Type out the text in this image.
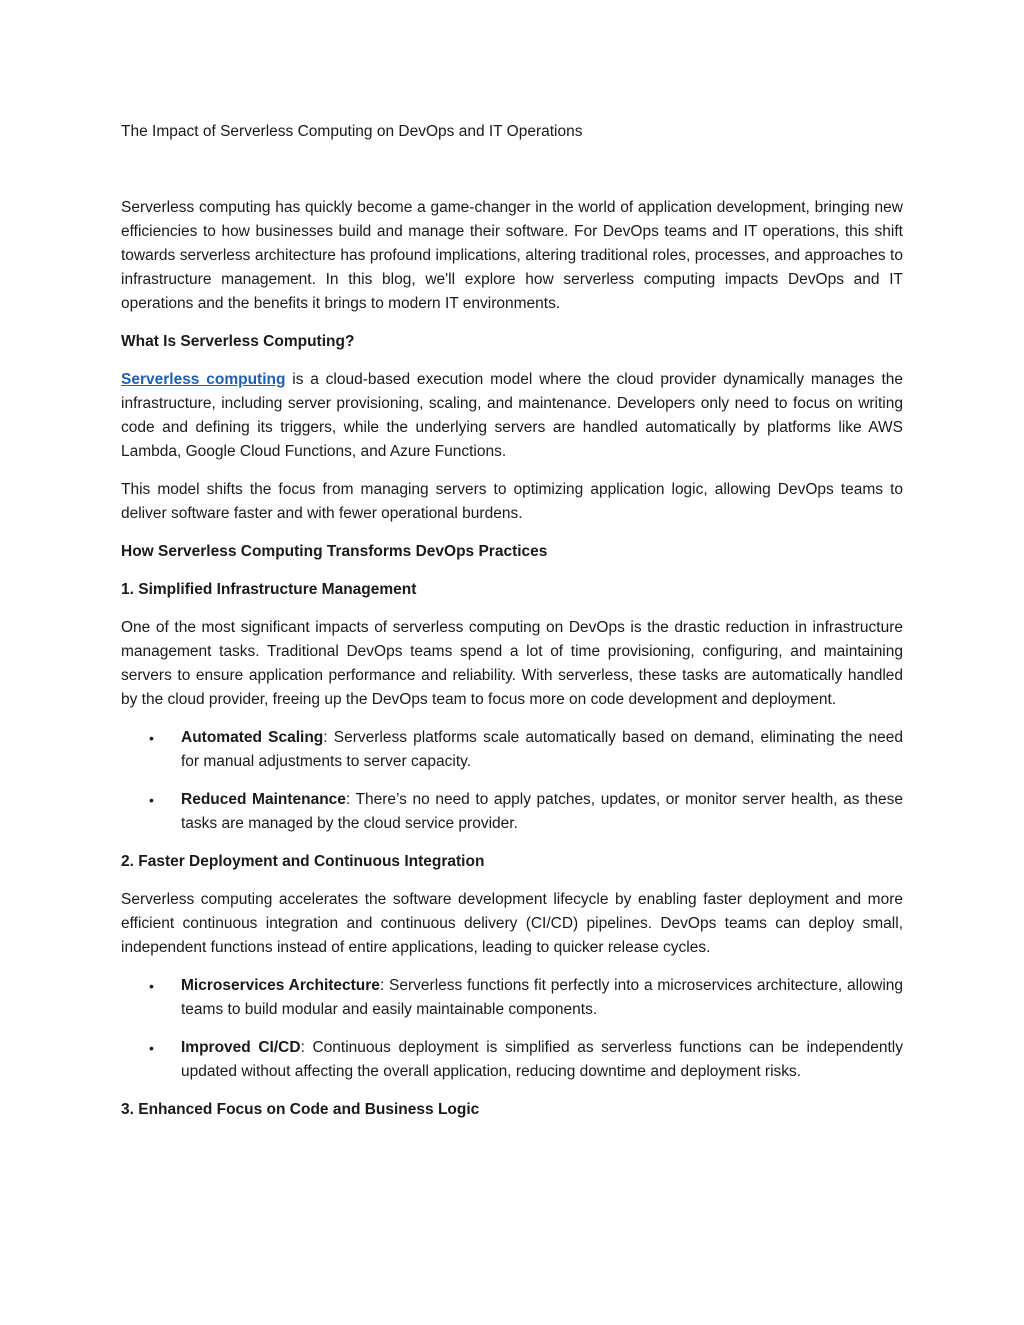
The Impact of Serverless Computing on DevOps and IT Operations

Serverless computing has quickly become a game-changer in the world of application development, bringing new efficiencies to how businesses build and manage their software. For DevOps teams and IT operations, this shift towards serverless architecture has profound implications, altering traditional roles, processes, and approaches to infrastructure management. In this blog, we'll explore how serverless computing impacts DevOps and IT operations and the benefits it brings to modern IT environments.

What Is Serverless Computing?

Serverless computing is a cloud-based execution model where the cloud provider dynamically manages the infrastructure, including server provisioning, scaling, and maintenance. Developers only need to focus on writing code and defining its triggers, while the underlying servers are handled automatically by platforms like AWS Lambda, Google Cloud Functions, and Azure Functions.

This model shifts the focus from managing servers to optimizing application logic, allowing DevOps teams to deliver software faster and with fewer operational burdens.

How Serverless Computing Transforms DevOps Practices
1. Simplified Infrastructure Management

One of the most significant impacts of serverless computing on DevOps is the drastic reduction in infrastructure management tasks. Traditional DevOps teams spend a lot of time provisioning, configuring, and maintaining servers to ensure application performance and reliability. With serverless, these tasks are automatically handled by the cloud provider, freeing up the DevOps team to focus more on code development and deployment.

• Automated Scaling: Serverless platforms scale automatically based on demand, eliminating the need for manual adjustments to server capacity.
• Reduced Maintenance: There’s no need to apply patches, updates, or monitor server health, as these tasks are managed by the cloud service provider.
2. Faster Deployment and Continuous Integration

Serverless computing accelerates the software development lifecycle by enabling faster deployment and more efficient continuous integration and continuous delivery (CI/CD) pipelines. DevOps teams can deploy small, independent functions instead of entire applications, leading to quicker release cycles.

• Microservices Architecture: Serverless functions fit perfectly into a microservices architecture, allowing teams to build modular and easily maintainable components.
• Improved CI/CD: Continuous deployment is simplified as serverless functions can be independently updated without affecting the overall application, reducing downtime and deployment risks.
3. Enhanced Focus on Code and Business Logic
